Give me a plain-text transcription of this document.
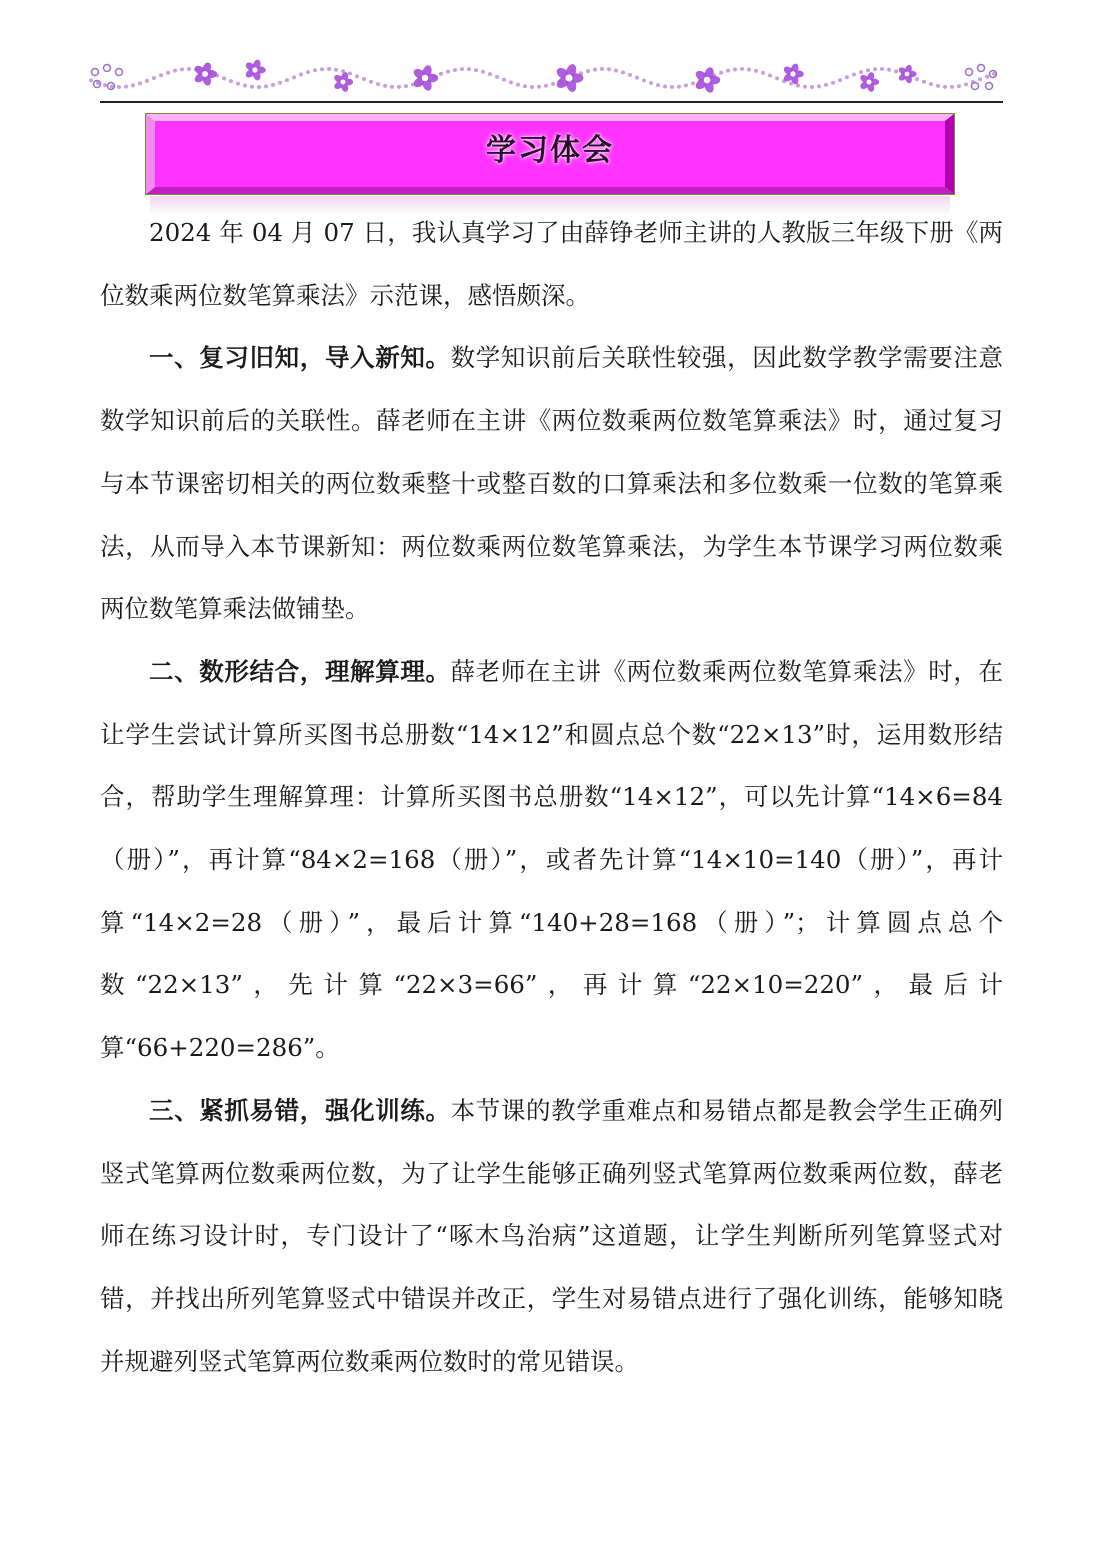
学习体会

2024 年 04 月 07 日，我认真学习了由薛铮老师主讲的人教版三年级下册《两位数乘两位数笔算乘法》示范课，感悟颇深。

一、复习旧知，导入新知。数学知识前后关联性较强，因此数学教学需要注意数学知识前后的关联性。薛老师在主讲《两位数乘两位数笔算乘法》时，通过复习与本节课密切相关的两位数乘整十或整百数的口算乘法和多位数乘一位数的笔算乘法，从而导入本节课新知：两位数乘两位数笔算乘法，为学生本节课学习两位数乘两位数笔算乘法做铺垫。

二、数形结合，理解算理。薛老师在主讲《两位数乘两位数笔算乘法》时，在让学生尝试计算所买图书总册数“14×12”和圆点总个数“22×13”时，运用数形结合，帮助学生理解算理：计算所买图书总册数“14×12”，可以先计算“14×6=84（册）”，再计算“84×2=168（册）”，或者先计算“14×10=140（册）”，再计算“14×2=28（册）”，最后计算“140+28=168（册）”；计算圆点总个数“22×13”，先计算“22×3=66”，再计算“22×10=220”，最后计算“66+220=286”。

三、紧抓易错，强化训练。本节课的教学重难点和易错点都是教会学生正确列竖式笔算两位数乘两位数，为了让学生能够正确列竖式笔算两位数乘两位数，薛老师在练习设计时，专门设计了“啄木鸟治病”这道题，让学生判断所列笔算竖式对错，并找出所列笔算竖式中错误并改正，学生对易错点进行了强化训练，能够知晓并规避列竖式笔算两位数乘两位数时的常见错误。
